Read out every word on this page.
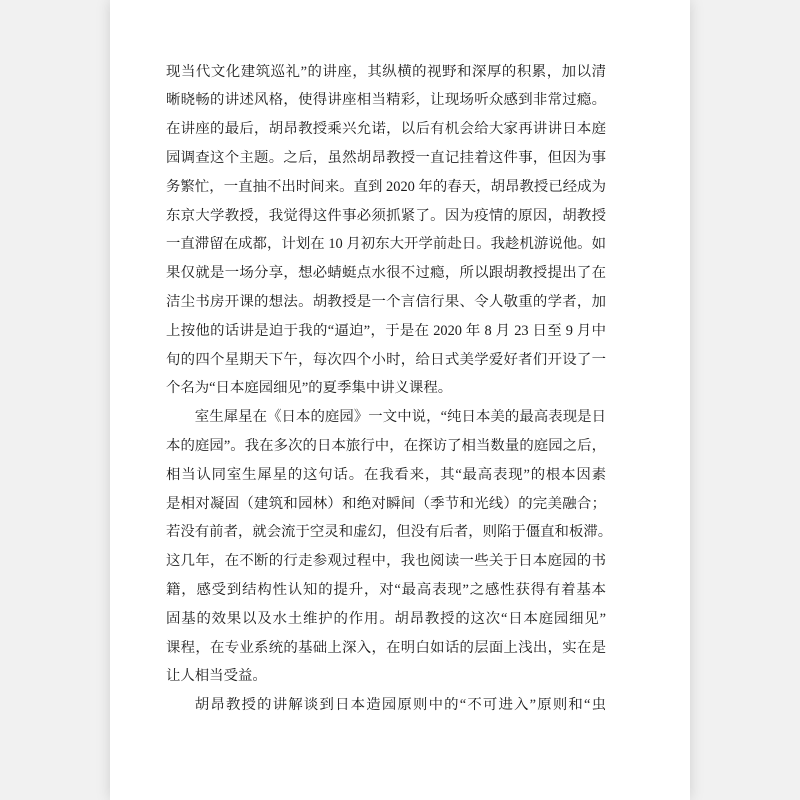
现当代文化建筑巡礼”的讲座，其纵横的视野和深厚的积累，加以清
晰晓畅的讲述风格，使得讲座相当精彩，让现场听众感到非常过瘾。
在讲座的最后，胡昂教授乘兴允诺，以后有机会给大家再讲讲日本庭
园调查这个主题。之后，虽然胡昂教授一直记挂着这件事，但因为事
务繁忙，一直抽不出时间来。直到 2020 年的春天，胡昂教授已经成为
东京大学教授，我觉得这件事必须抓紧了。因为疫情的原因，胡教授
一直滞留在成都，计划在 10 月初东大开学前赴日。我趁机游说他。如
果仅就是一场分享，想必蜻蜓点水很不过瘾，所以跟胡教授提出了在
洁尘书房开课的想法。胡教授是一个言信行果、令人敬重的学者，加
上按他的话讲是迫于我的“逼迫”，于是在 2020 年 8 月 23 日至 9 月中
旬的四个星期天下午，每次四个小时，给日式美学爱好者们开设了一
个名为“日本庭园细见”的夏季集中讲义课程。
室生犀星在《日本的庭园》一文中说，“纯日本美的最高表现是日
本的庭园”。我在多次的日本旅行中，在探访了相当数量的庭园之后，
相当认同室生犀星的这句话。在我看来，其“最高表现”的根本因素
是相对凝固（建筑和园林）和绝对瞬间（季节和光线）的完美融合；
若没有前者，就会流于空灵和虚幻，但没有后者，则陷于僵直和板滞。
这几年，在不断的行走参观过程中，我也阅读一些关于日本庭园的书
籍，感受到结构性认知的提升，对“最高表现”之感性获得有着基本
固基的效果以及水土维护的作用。胡昂教授的这次“日本庭园细见”
课程，在专业系统的基础上深入，在明白如话的层面上浅出，实在是
让人相当受益。
胡昂教授的讲解谈到日本造园原则中的“不可进入”原则和“虫
